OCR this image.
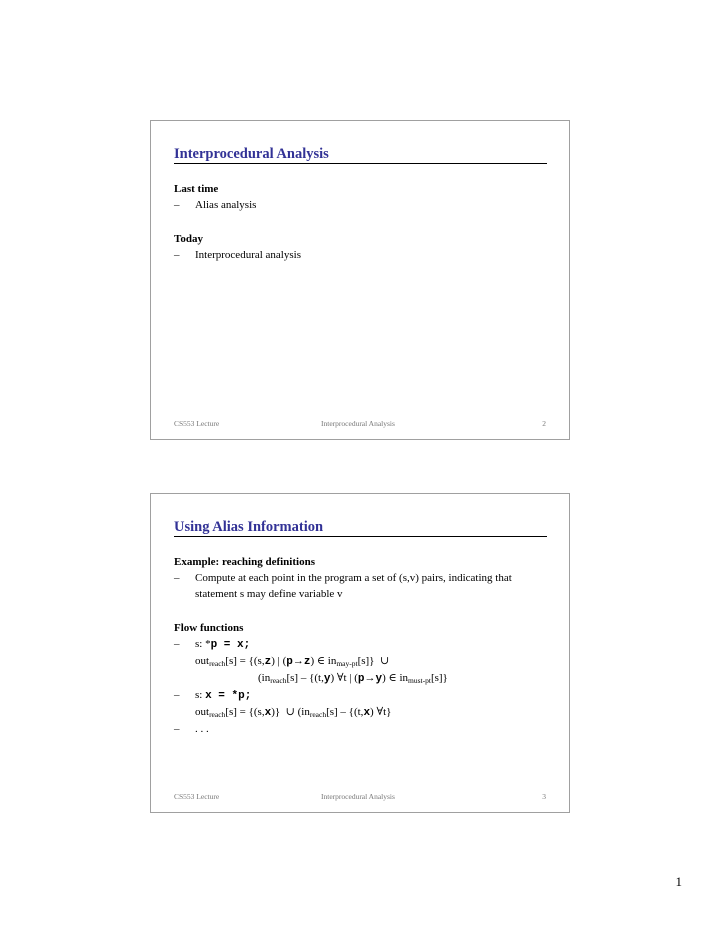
Interprocedural Analysis
Last time
– Alias analysis
Today
– Interprocedural analysis
CS553 Lecture	Interprocedural Analysis	2
Using Alias Information
Example: reaching definitions
– Compute at each point in the program a set of (s,v) pairs, indicating that
statement s may define variable v
Flow functions
– s: *p = x;
out$_{reach}$[s] = {(s,z) | (p→z) ∈ $in_{may-pt}[s]$}  ∪
($in_{reach}[s] - \{(t,y)$ ∀t | (p→y) ∈ $in_{must-pt}[s]$}
– s: x = *p;
out$_{reach}$[s] = {(s,x)}  ∪ ($in_{reach}[s] - \{(t,x)$ ∀t}
– . . .
CS553 Lecture	Interprocedural Analysis	3
1
